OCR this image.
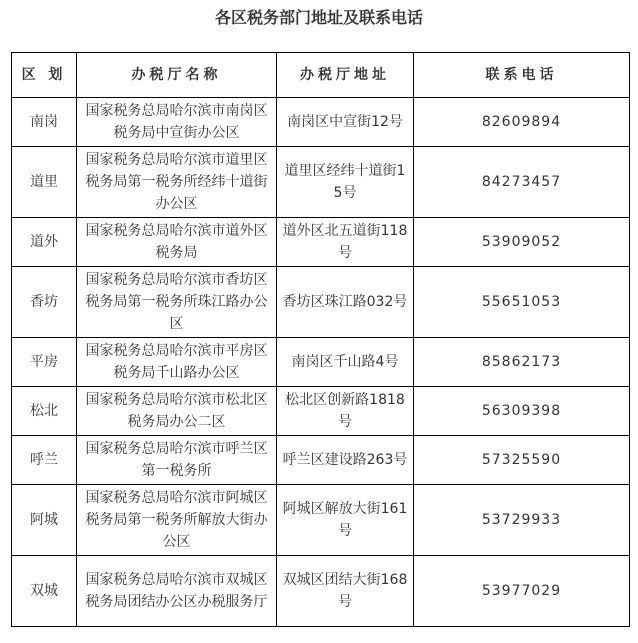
各区税务部门地址及联系电话
区 划	办税厅名称	办税厅地址	联系电话
南岗	国家税务总局哈尔滨市南岗区税务局中宣街办公区	南岗区中宣街12号	82609894
道里	国家税务总局哈尔滨市道里区税务局第一税务所经纬十道街办公区	道里区经纬十道街15号	84273457
道外	国家税务总局哈尔滨市道外区税务局	道外区北五道街118号	53909052
香坊	国家税务总局哈尔滨市香坊区税务局第一税务所珠江路办公区	香坊区珠江路032号	55651053
平房	国家税务总局哈尔滨市平房区税务局千山路办公区	南岗区千山路4号	85862173
松北	国家税务总局哈尔滨市松北区税务局办公二区	松北区创新路1818号	56309398
呼兰	国家税务总局哈尔滨市呼兰区第一税务所	呼兰区建设路263号	57325590
阿城	国家税务总局哈尔滨市阿城区税务局第一税务所解放大街办公区	阿城区解放大街161号	53729933
双城	国家税务总局哈尔滨市双城区税务局团结办公区办税服务厅	双城区团结大街168号	53977029
